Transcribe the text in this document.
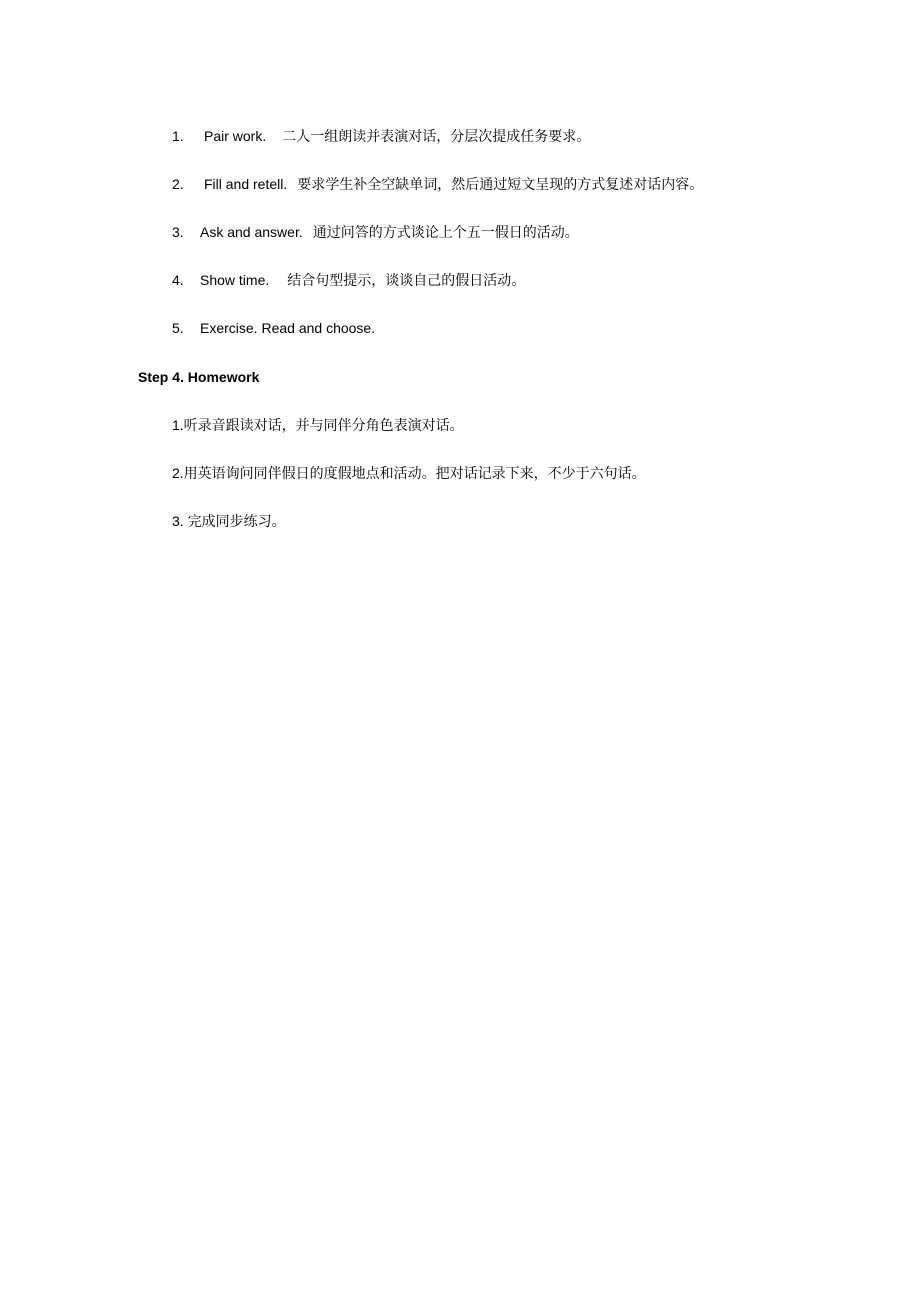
1. Pair work. 二人一组朗读并表演对话，分层次提成任务要求。
2. Fill and retell. 要求学生补全空缺单词，然后通过短文呈现的方式复述对话内容。
3. Ask and answer. 通过问答的方式谈论上个五一假日的活动。
4. Show time. 结合句型提示，谈谈自己的假日活动。
5. Exercise. Read and choose.
Step 4. Homework
1.听录音跟读对话，并与同伴分角色表演对话。
2.用英语询问同伴假日的度假地点和活动。把对话记录下来，不少于六句话。
3. 完成同步练习。
